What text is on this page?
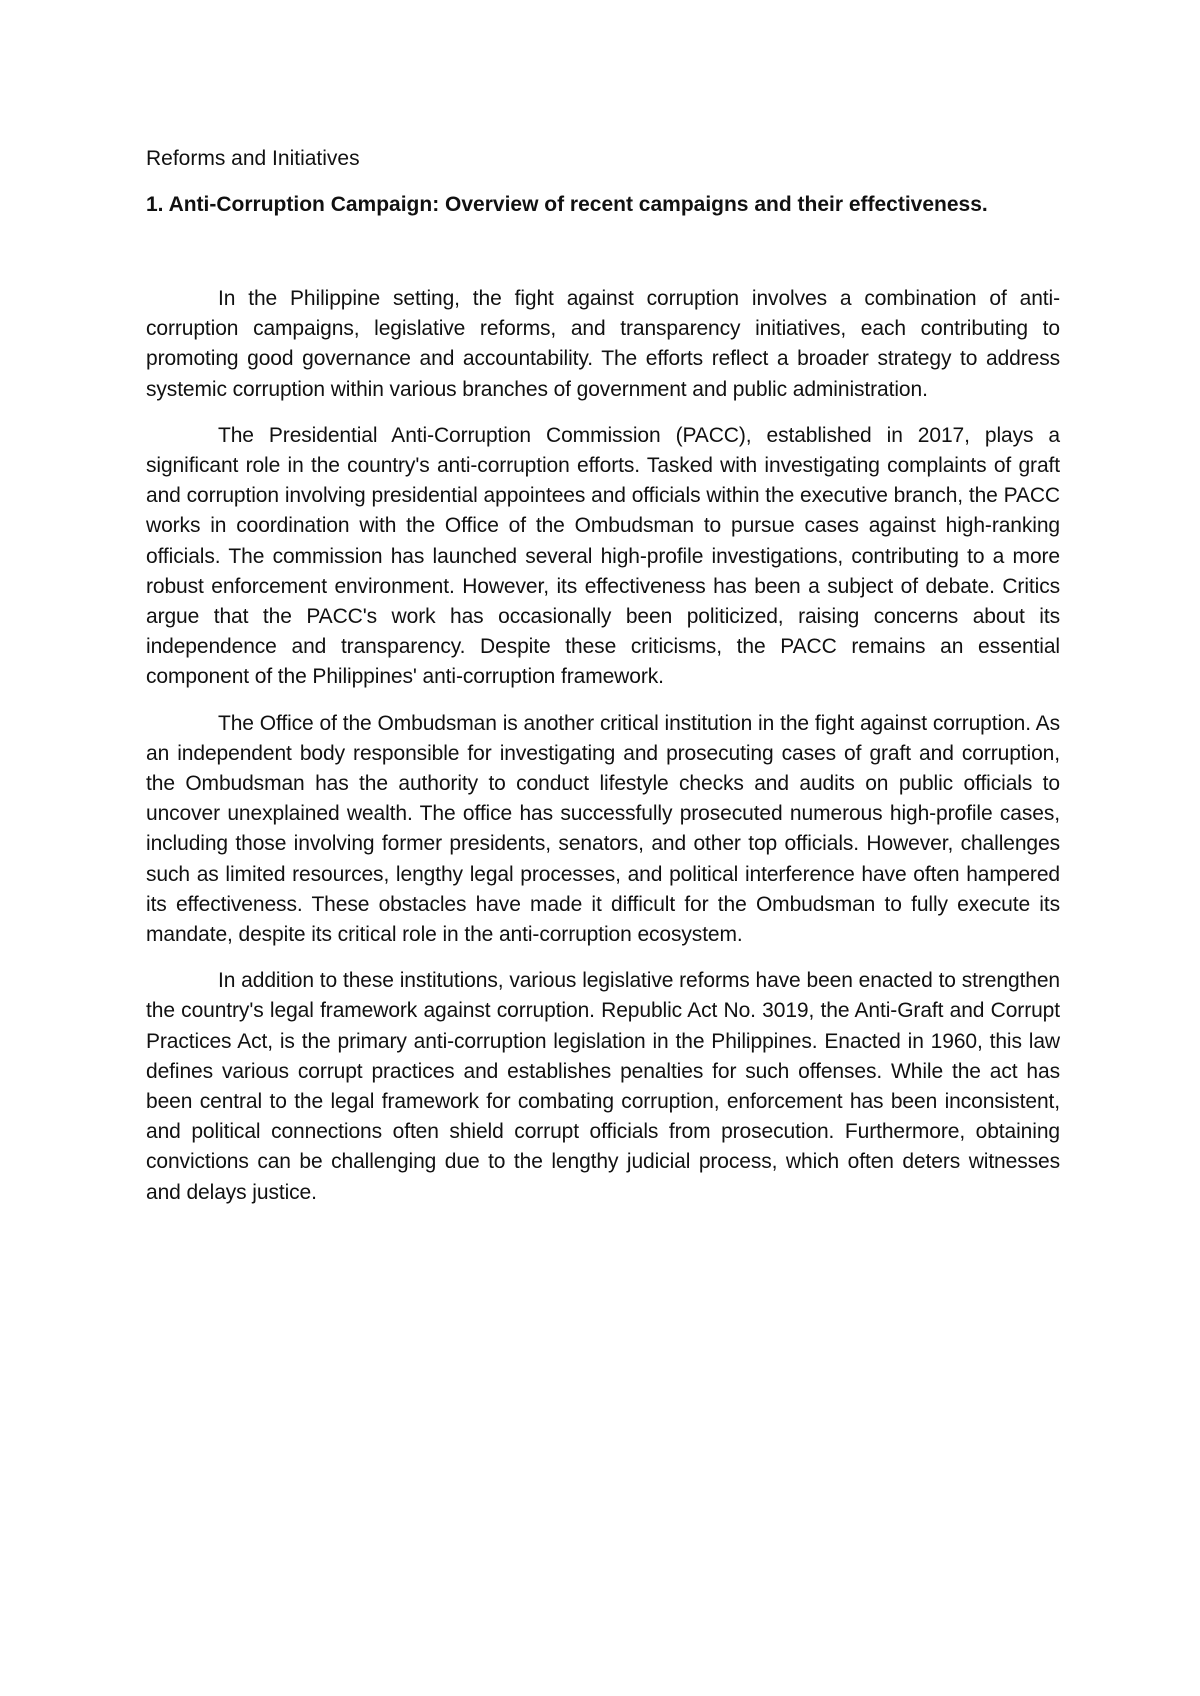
Reforms and Initiatives
1. Anti-Corruption Campaign: Overview of recent campaigns and their effectiveness.

In the Philippine setting, the fight against corruption involves a combination of anti-corruption campaigns, legislative reforms, and transparency initiatives, each contributing to promoting good governance and accountability. The efforts reflect a broader strategy to address systemic corruption within various branches of government and public administration.

The Presidential Anti-Corruption Commission (PACC), established in 2017, plays a significant role in the country's anti-corruption efforts. Tasked with investigating complaints of graft and corruption involving presidential appointees and officials within the executive branch, the PACC works in coordination with the Office of the Ombudsman to pursue cases against high-ranking officials. The commission has launched several high-profile investigations, contributing to a more robust enforcement environment. However, its effectiveness has been a subject of debate. Critics argue that the PACC's work has occasionally been politicized, raising concerns about its independence and transparency. Despite these criticisms, the PACC remains an essential component of the Philippines' anti-corruption framework.

The Office of the Ombudsman is another critical institution in the fight against corruption. As an independent body responsible for investigating and prosecuting cases of graft and corruption, the Ombudsman has the authority to conduct lifestyle checks and audits on public officials to uncover unexplained wealth. The office has successfully prosecuted numerous high-profile cases, including those involving former presidents, senators, and other top officials. However, challenges such as limited resources, lengthy legal processes, and political interference have often hampered its effectiveness. These obstacles have made it difficult for the Ombudsman to fully execute its mandate, despite its critical role in the anti-corruption ecosystem.

In addition to these institutions, various legislative reforms have been enacted to strengthen the country's legal framework against corruption. Republic Act No. 3019, the Anti-Graft and Corrupt Practices Act, is the primary anti-corruption legislation in the Philippines. Enacted in 1960, this law defines various corrupt practices and establishes penalties for such offenses. While the act has been central to the legal framework for combating corruption, enforcement has been inconsistent, and political connections often shield corrupt officials from prosecution. Furthermore, obtaining convictions can be challenging due to the lengthy judicial process, which often deters witnesses and delays justice.
